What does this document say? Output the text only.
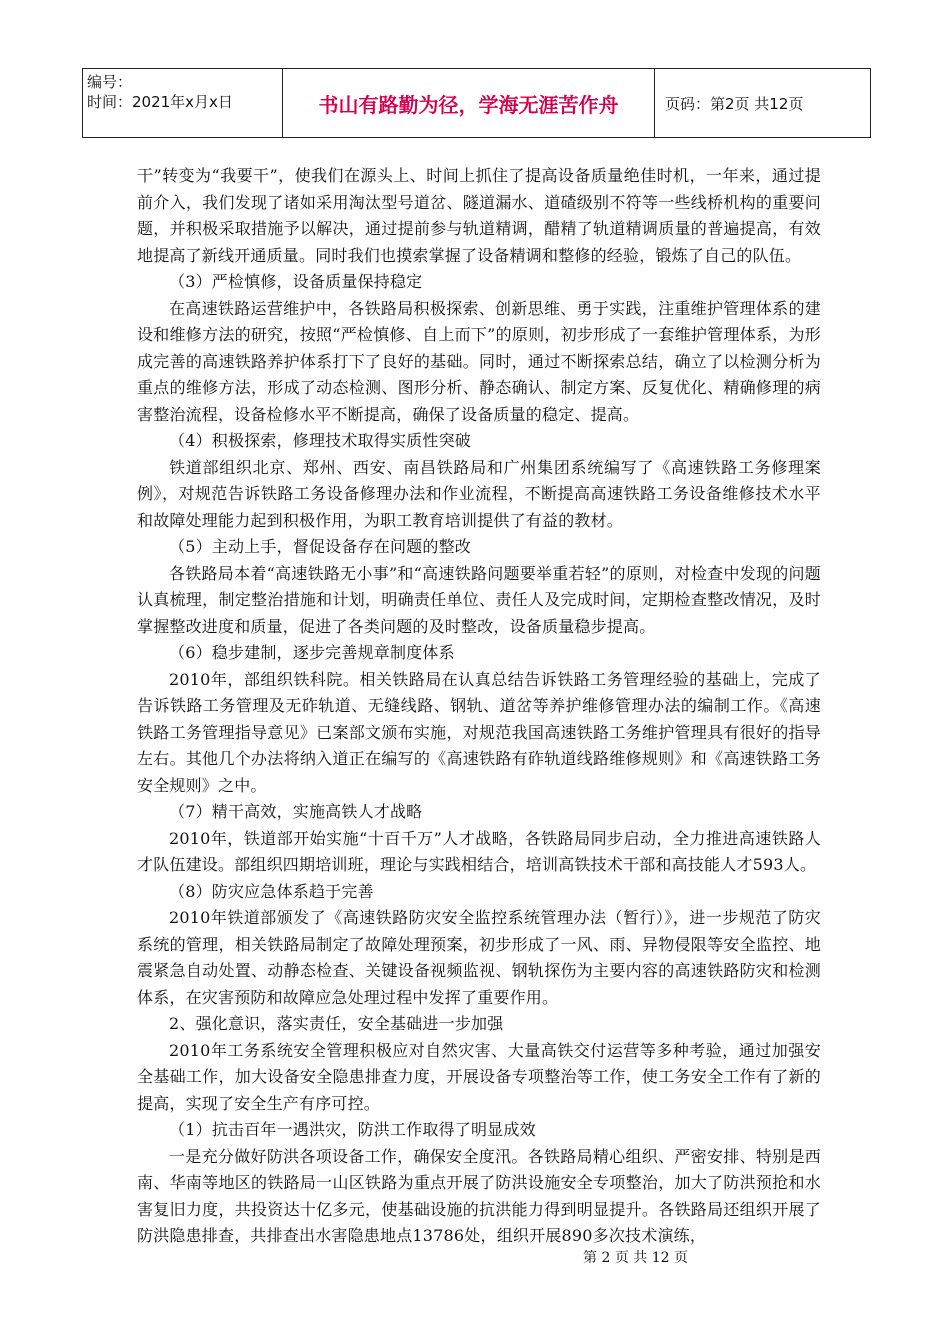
编号：
时间：2021年x月x日	书山有路勤为径，学海无涯苦作舟	页码：第2页 共12页

干”转变为“我要干”，使我们在源头上、时间上抓住了提高设备质量绝佳时机，一年来，通过提前介入，我们发现了诸如采用淘汰型号道岔、隧道漏水、道碴级别不符等一些线桥机构的重要问题，并积极采取措施予以解决，通过提前参与轨道精调，醋精了轨道精调质量的普遍提高，有效地提高了新线开通质量。同时我们也摸索掌握了设备精调和整修的经验，锻炼了自己的队伍。

（3）严检慎修，设备质量保持稳定

在高速铁路运营维护中，各铁路局积极探索、创新思维、勇于实践，注重维护管理体系的建设和维修方法的研究，按照“严检慎修、自上而下”的原则，初步形成了一套维护管理体系，为形成完善的高速铁路养护体系打下了良好的基础。同时，通过不断探索总结，确立了以检测分析为重点的维修方法，形成了动态检测、图形分析、静态确认、制定方案、反复优化、精确修理的病害整治流程，设备检修水平不断提高，确保了设备质量的稳定、提高。

（4）积极探索，修理技术取得实质性突破

铁道部组织北京、郑州、西安、南昌铁路局和广州集团系统编写了《高速铁路工务修理案例》，对规范告诉铁路工务设备修理办法和作业流程，不断提高高速铁路工务设备维修技术水平和故障处理能力起到积极作用，为职工教育培训提供了有益的教材。

（5）主动上手，督促设备存在问题的整改

各铁路局本着“高速铁路无小事”和“高速铁路问题要举重若轻”的原则，对检查中发现的问题认真梳理，制定整治措施和计划，明确责任单位、责任人及完成时间，定期检查整改情况，及时掌握整改进度和质量，促进了各类问题的及时整改，设备质量稳步提高。

（6）稳步建制，逐步完善规章制度体系

2010年，部组织铁科院。相关铁路局在认真总结告诉铁路工务管理经验的基础上，完成了告诉铁路工务管理及无砟轨道、无缝线路、钢轨、道岔等养护维修管理办法的编制工作。《高速铁路工务管理指导意见》已案部文颁布实施，对规范我国高速铁路工务维护管理具有很好的指导左右。其他几个办法将纳入道正在编写的《高速铁路有砟轨道线路维修规则》和《高速铁路工务安全规则》之中。

（7）精干高效，实施高铁人才战略

2010年，铁道部开始实施“十百千万”人才战略，各铁路局同步启动，全力推进高速铁路人才队伍建设。部组织四期培训班，理论与实践相结合，培训高铁技术干部和高技能人才593人。

（8）防灾应急体系趋于完善

2010年铁道部颁发了《高速铁路防灾安全监控系统管理办法（暂行）》，进一步规范了防灾系统的管理，相关铁路局制定了故障处理预案，初步形成了一风、雨、异物侵限等安全监控、地震紧急自动处置、动静态检查、关键设备视频监视、钢轨探伤为主要内容的高速铁路防灾和检测体系，在灾害预防和故障应急处理过程中发挥了重要作用。

2、强化意识，落实责任，安全基础进一步加强

2010年工务系统安全管理积极应对自然灾害、大量高铁交付运营等多种考验，通过加强安全基础工作，加大设备安全隐患排查力度，开展设备专项整治等工作，使工务安全工作有了新的提高，实现了安全生产有序可控。

（1）抗击百年一遇洪灾，防洪工作取得了明显成效

一是充分做好防洪各项设备工作，确保安全度汛。各铁路局精心组织、严密安排、特别是西南、华南等地区的铁路局一山区铁路为重点开展了防洪设施安全专项整治，加大了防洪预抢和水害复旧力度，共投资达十亿多元，使基础设施的抗洪能力得到明显提升。各铁路局还组织开展了防洪隐患排查，共排查出水害隐患地点13786处，组织开展890多次技术演练，

第 2 页 共 12 页
